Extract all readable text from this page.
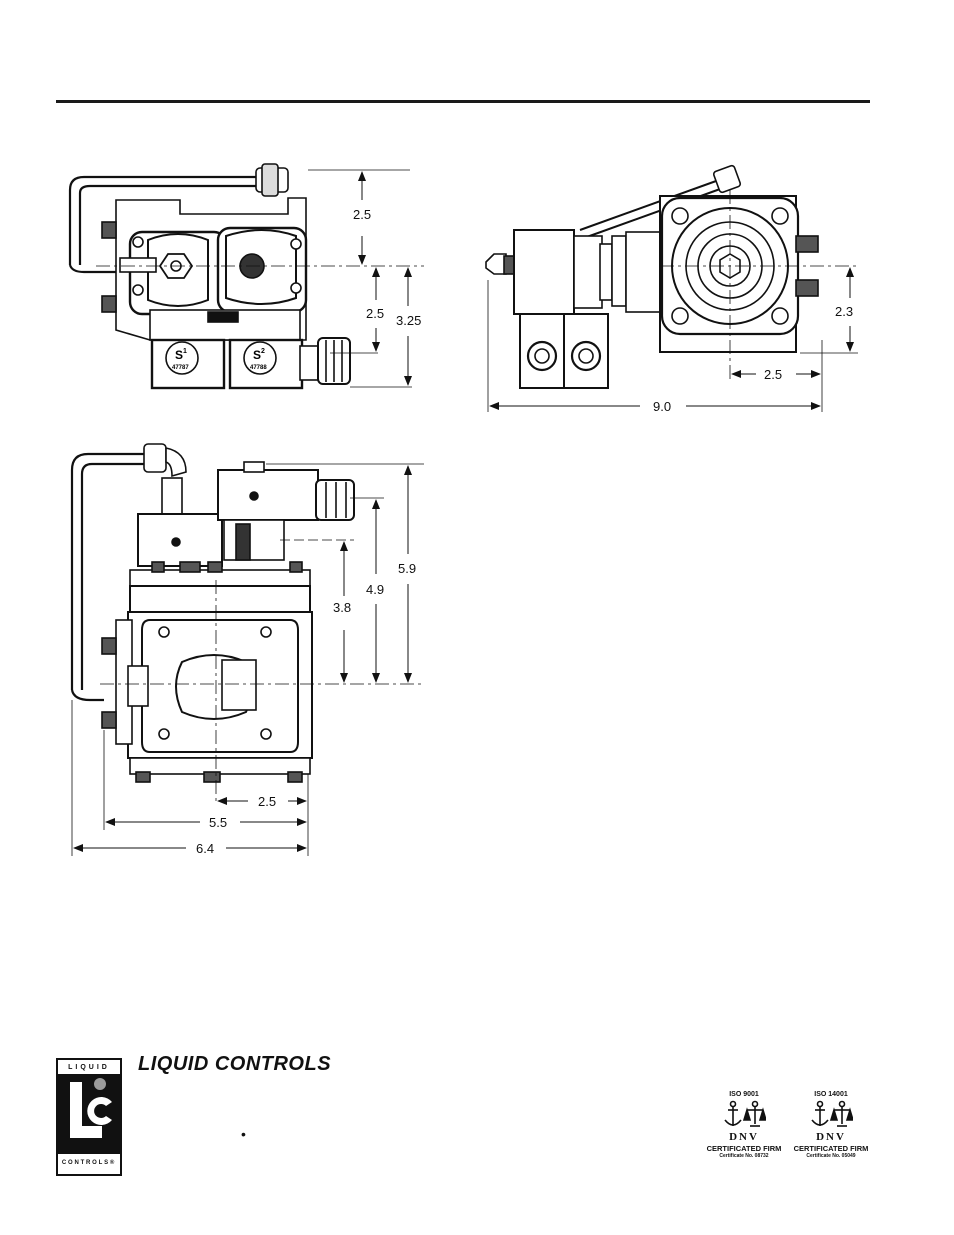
S 1
47787
S 2
47788
2.5
2.5 3.25
2.3
2.5
9.0
3.8
4.9
5.9
2.5
5.5
6.4
LIQUID
CONTROLS®
LIQUID CONTROLS
•
ISO 9001
DNV
CERTIFICATED FIRM
Certificate No. 08732
ISO 14001
DNV
CERTIFICATED FIRM
Certificate No. 05049
